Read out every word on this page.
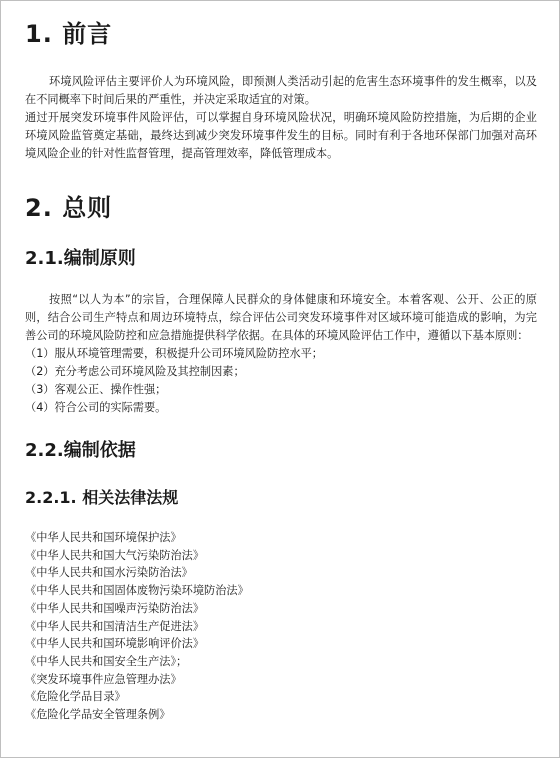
1. 前言

环境风险评估主要评价人为环境风险，即预测人类活动引起的危害生态环境事件的发生概率，以及在不同概率下时间后果的严重性，并决定采取适宜的对策。

通过开展突发环境事件风险评估，可以掌握自身环境风险状况，明确环境风险防控措施，为后期的企业环境风险监管奠定基础，最终达到减少突发环境事件发生的目标。同时有利于各地环保部门加强对高环境风险企业的针对性监督管理，提高管理效率，降低管理成本。

2. 总则
2.1.编制原则

按照“以人为本”的宗旨，合理保障人民群众的身体健康和环境安全。本着客观、公开、公正的原则，结合公司生产特点和周边环境特点，综合评估公司突发环境事件对区域环境可能造成的影响，为完善公司的环境风险防控和应急措施提供科学依据。在具体的环境风险评估工作中，遵循以下基本原则：

（1）服从环境管理需要，积极提升公司环境风险防控水平；
（2）充分考虑公司环境风险及其控制因素；
（3）客观公正、操作性强；
（4）符合公司的实际需要。
2.2.编制依据
2.2.1. 相关法律法规
《中华人民共和国环境保护法》
《中华人民共和国大气污染防治法》
《中华人民共和国水污染防治法》
《中华人民共和国固体废物污染环境防治法》
《中华人民共和国噪声污染防治法》
《中华人民共和国清洁生产促进法》
《中华人民共和国环境影响评价法》
《中华人民共和国安全生产法》；
《突发环境事件应急管理办法》
《危险化学品目录》
《危险化学品安全管理条例》
